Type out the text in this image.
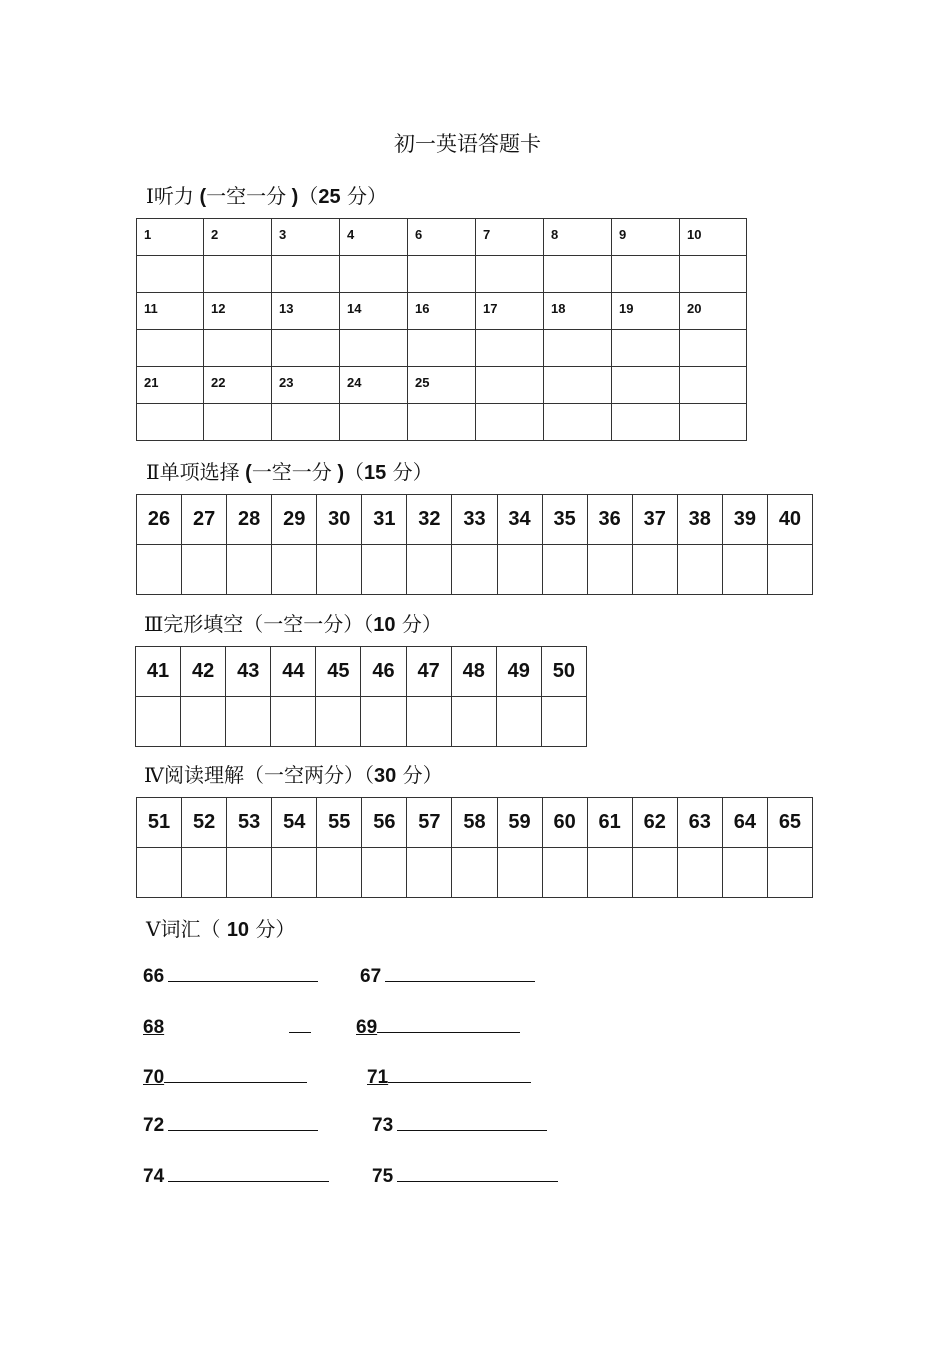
初一英语答题卡
Ⅰ听力 (一空一分 )（25 分）
1	2	3	4	6	7	8	9	10

11	12	13	14	16	17	18	19	20

21	22	23	24	25				

Ⅱ单项选择 (一空一分 )（15 分）
26	27	28	29	30	31	32	33	34	35	36	37	38	39	40

Ⅲ完形填空（一空一分）（10 分）
41	42	43	44	45	46	47	48	49	50

Ⅳ阅读理解（一空两分）（30 分）
51	52	53	54	55	56	57	58	59	60	61	62	63	64	65

Ⅴ词汇（ 10 分）
66	67
68	69
70	71
72	73
74	75
